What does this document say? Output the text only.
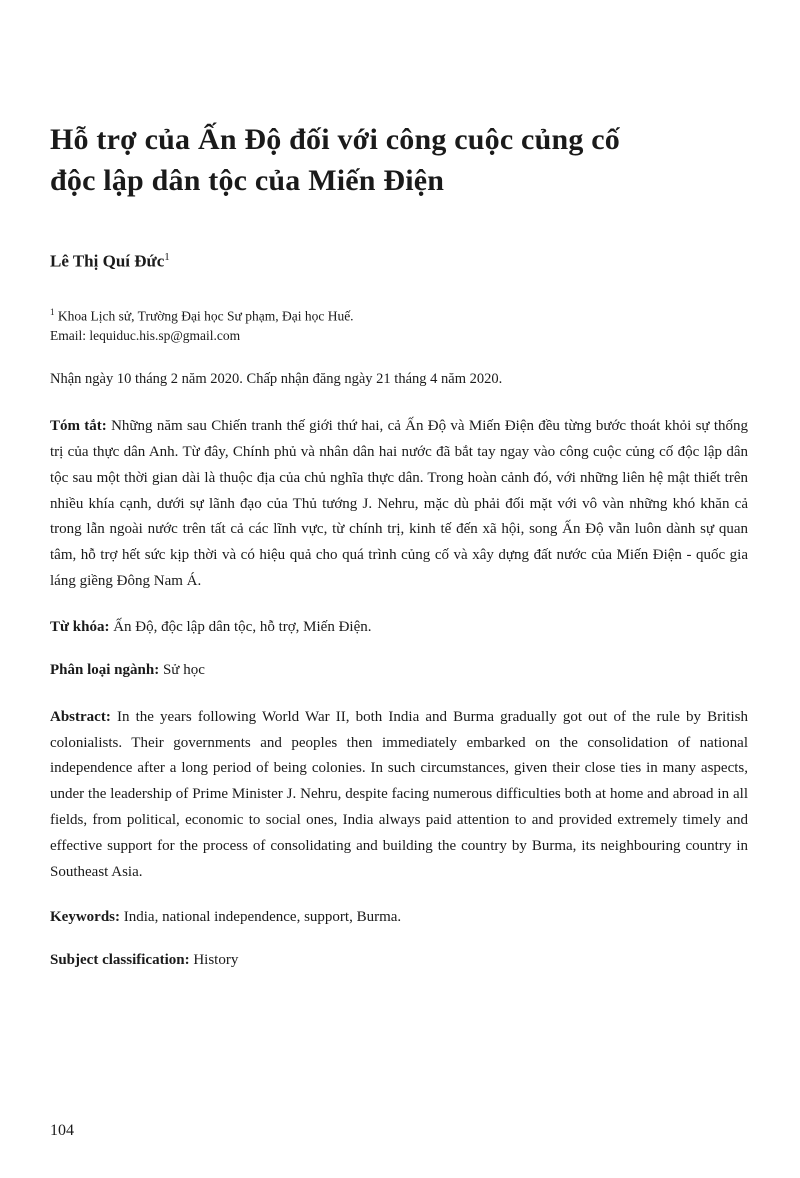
Hỗ trợ của Ấn Độ đối với công cuộc củng cố độc lập dân tộc của Miến Điện

Lê Thị Quí Đức$^1$

$^1$ Khoa Lịch sử, Trường Đại học Sư phạm, Đại học Huế.
Email: lequiduc.his.sp@gmail.com

Nhận ngày 10 tháng 2 năm 2020. Chấp nhận đăng ngày 21 tháng 4 năm 2020.

Tóm tắt: Những năm sau Chiến tranh thế giới thứ hai, cả Ấn Độ và Miến Điện đều từng bước thoát khỏi sự thống trị của thực dân Anh. Từ đây, Chính phủ và nhân dân hai nước đã bắt tay ngay vào công cuộc củng cố độc lập dân tộc sau một thời gian dài là thuộc địa của chủ nghĩa thực dân. Trong hoàn cảnh đó, với những liên hệ mật thiết trên nhiều khía cạnh, dưới sự lãnh đạo của Thủ tướng J. Nehru, mặc dù phải đối mặt với vô vàn những khó khăn cả trong lẫn ngoài nước trên tất cả các lĩnh vực, từ chính trị, kinh tế đến xã hội, song Ấn Độ vẫn luôn dành sự quan tâm, hỗ trợ hết sức kịp thời và có hiệu quả cho quá trình củng cố và xây dựng đất nước của Miến Điện - quốc gia láng giềng Đông Nam Á.

Từ khóa: Ấn Độ, độc lập dân tộc, hỗ trợ, Miến Điện.

Phân loại ngành: Sử học

Abstract: In the years following World War II, both India and Burma gradually got out of the rule by British colonialists. Their governments and peoples then immediately embarked on the consolidation of national independence after a long period of being colonies. In such circumstances, given their close ties in many aspects, under the leadership of Prime Minister J. Nehru, despite facing numerous difficulties both at home and abroad in all fields, from political, economic to social ones, India always paid attention to and provided extremely timely and effective support for the process of consolidating and building the country by Burma, its neighbouring country in Southeast Asia.

Keywords: India, national independence, support, Burma.

Subject classification: History

104
